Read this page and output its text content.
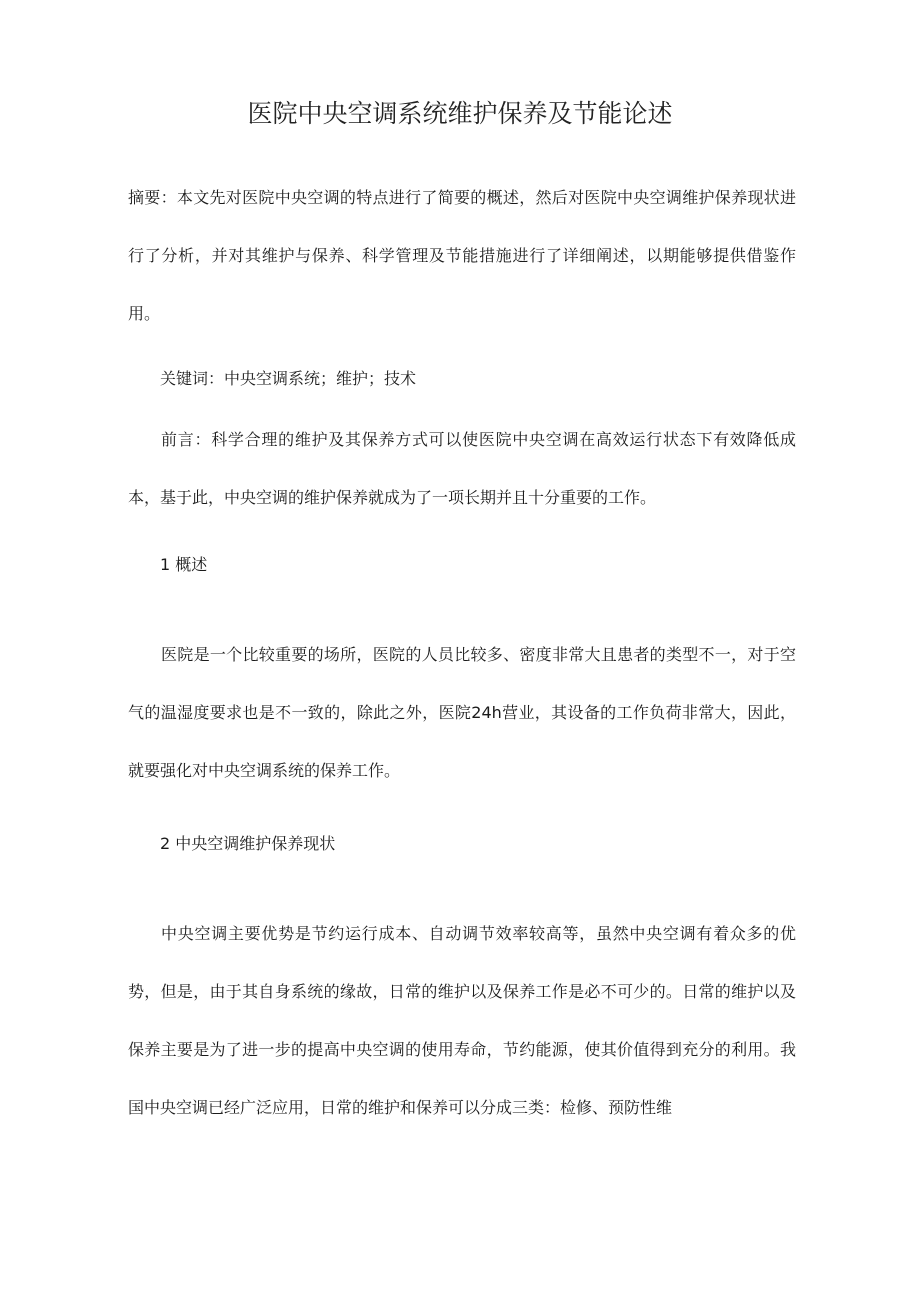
医院中央空调系统维护保养及节能论述

摘要：本文先对医院中央空调的特点进行了简要的概述，然后对医院中央空调维护保养现状进行了分析，并对其维护与保养、科学管理及节能措施进行了详细阐述，以期能够提供借鉴作用。

关键词：中央空调系统；维护；技术

前言：科学合理的维护及其保养方式可以使医院中央空调在高效运行状态下有效降低成本，基于此，中央空调的维护保养就成为了一项长期并且十分重要的工作。

1 概述

医院是一个比较重要的场所，医院的人员比较多、密度非常大且患者的类型不一，对于空气的温湿度要求也是不一致的，除此之外，医院24h营业，其设备的工作负荷非常大，因此，就要强化对中央空调系统的保养工作。

2 中央空调维护保养现状

中央空调主要优势是节约运行成本、自动调节效率较高等，虽然中央空调有着众多的优势，但是，由于其自身系统的缘故，日常的维护以及保养工作是必不可少的。日常的维护以及保养主要是为了进一步的提高中央空调的使用寿命，节约能源，使其价值得到充分的利用。我国中央空调已经广泛应用，日常的维护和保养可以分成三类：检修、预防性维
